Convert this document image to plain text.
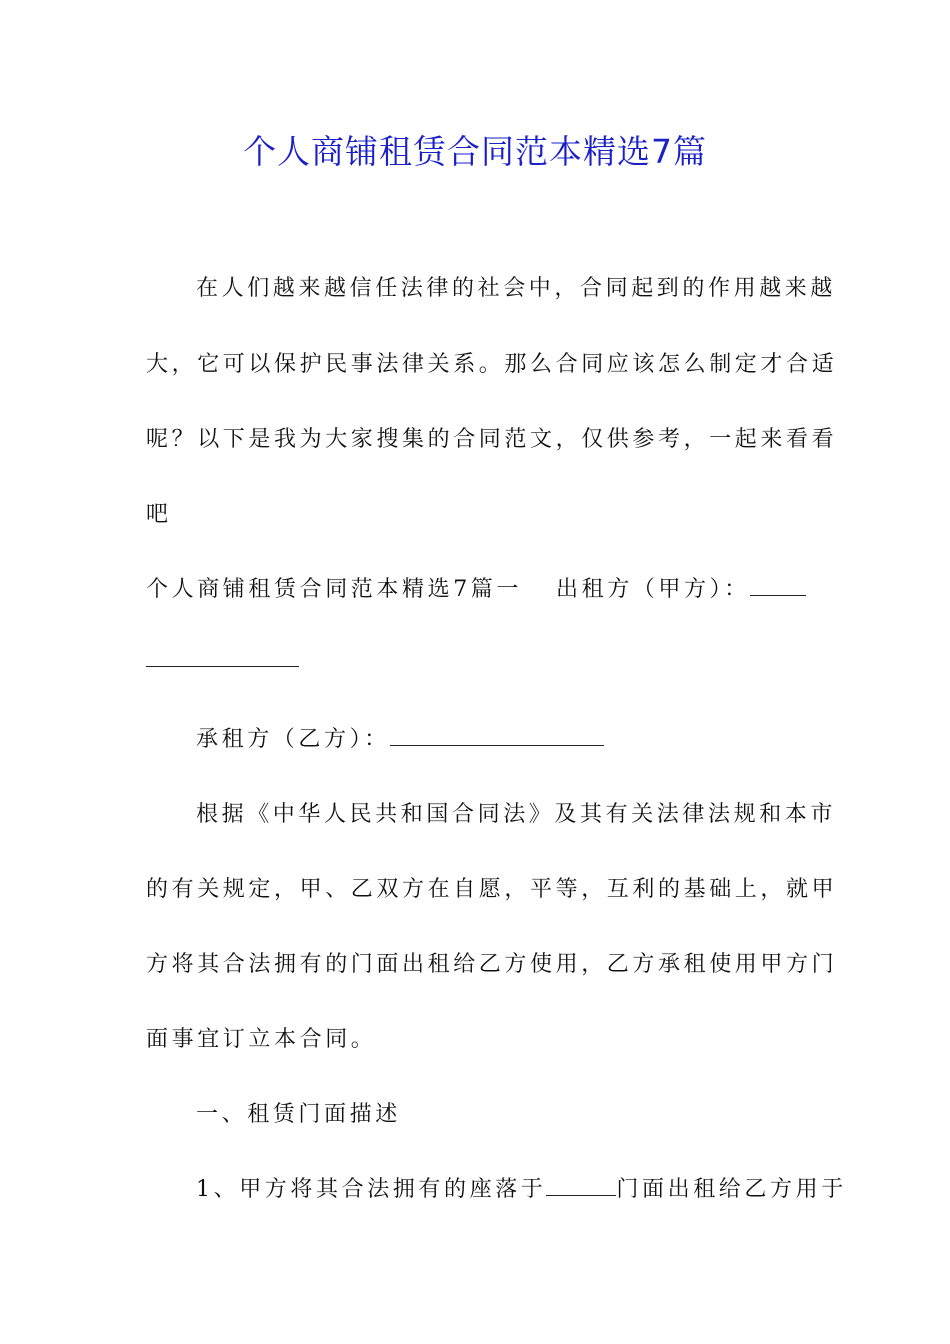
个人商铺租赁合同范本精选7篇
在人们越来越信任法律的社会中，合同起到的作用越来越
大，它可以保护民事法律关系。那么合同应该怎么制定才合适
呢？以下是我为大家搜集的合同范文，仅供参考，一起来看看
吧
个人商铺租赁合同范本精选7篇一 出租方（甲方）：
承租方（乙方）：
根据《中华人民共和国合同法》及其有关法律法规和本市
的有关规定，甲、乙双方在自愿，平等，互利的基础上，就甲
方将其合法拥有的门面出租给乙方使用，乙方承租使用甲方门
面事宜订立本合同。
一、租赁门面描述
1、甲方将其合法拥有的座落于	门面出租给乙方用于
